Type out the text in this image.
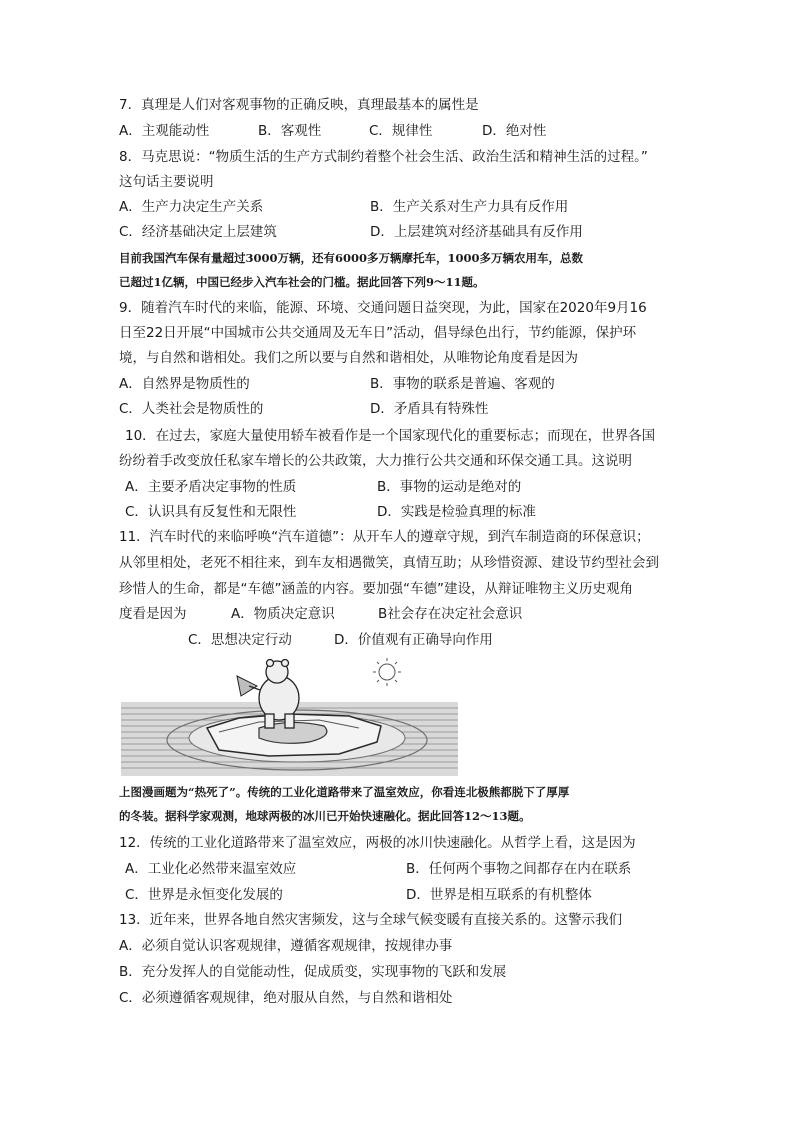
7．真理是人们对客观事物的正确反映，真理最基本的属性是
A．主观能动性	B．客观性	C．规律性	D．绝对性
8．马克思说：“物质生活的生产方式制约着整个社会生活、政治生活和精神生活的过程。”
这句话主要说明
A．生产力决定生产关系	B．生产关系对生产力具有反作用
C．经济基础决定上层建筑	D．上层建筑对经济基础具有反作用
目前我国汽车保有量超过3000万辆，还有6000多万辆摩托车，1000多万辆农用车，总数
已超过1亿辆，中国已经步入汽车社会的门槛。据此回答下列9～11题。
9．随着汽车时代的来临，能源、环境、交通问题日益突现，为此，国家在2020年9月16
日至22日开展“中国城市公共交通周及无车日”活动，倡导绿色出行，节约能源，保护环
境，与自然和谐相处。我们之所以要与自然和谐相处，从唯物论角度看是因为
A．自然界是物质性的	B．事物的联系是普遍、客观的
C．人类社会是物质性的	D．矛盾具有特殊性
10．在过去，家庭大量使用轿车被看作是一个国家现代化的重要标志；而现在，世界各国
纷纷着手改变放任私家车增长的公共政策，大力推行公共交通和环保交通工具。这说明
A．主要矛盾决定事物的性质	B．事物的运动是绝对的
C．认识具有反复性和无限性	D．实践是检验真理的标准
11．汽车时代的来临呼唤“汽车道德”：从开车人的遵章守规，到汽车制造商的环保意识；
从邻里相处，老死不相往来，到车友相遇微笑，真情互助；从珍惜资源、建设节约型社会到
珍惜人的生命，都是“车德”涵盖的内容。要加强“车德”建设，从辩证唯物主义历史观角
度看是因为	A．物质决定意识	B社会存在决定社会意识
C．思想决定行动	D．价值观有正确导向作用
上图漫画题为“热死了”。传统的工业化道路带来了温室效应，你看连北极熊都脱下了厚厚
的冬装。据科学家观测，地球两极的冰川已开始快速融化。据此回答12～13题。
12．传统的工业化道路带来了温室效应，两极的冰川快速融化。从哲学上看，这是因为
A．工业化必然带来温室效应	B．任何两个事物之间都存在内在联系
C．世界是永恒变化发展的	D．世界是相互联系的有机整体
13．近年来，世界各地自然灾害频发，这与全球气候变暖有直接关系的。这警示我们
A．必须自觉认识客观规律，遵循客观规律，按规律办事
B．充分发挥人的自觉能动性，促成质变，实现事物的飞跃和发展
C．必须遵循客观规律，绝对服从自然，与自然和谐相处
